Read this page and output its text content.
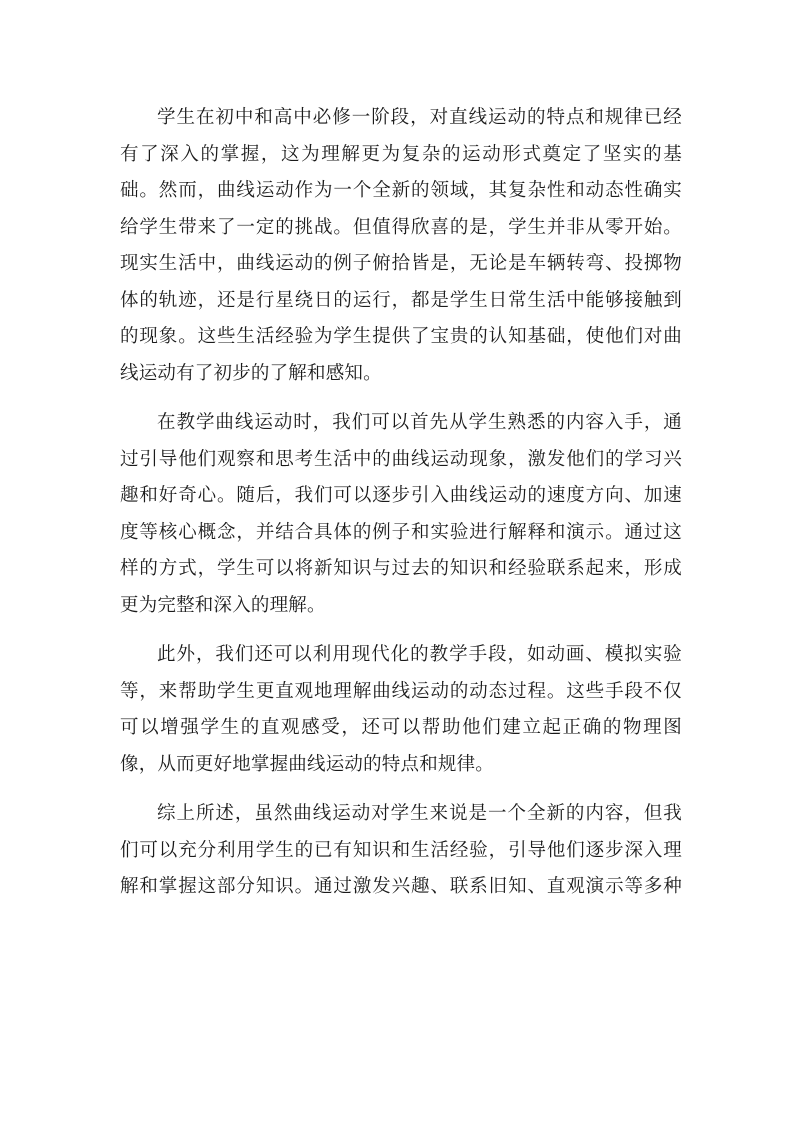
学生在初中和高中必修一阶段，对直线运动的特点和规律已经
有了深入的掌握，这为理解更为复杂的运动形式奠定了坚实的基
础。然而，曲线运动作为一个全新的领域，其复杂性和动态性确实
给学生带来了一定的挑战。但值得欣喜的是，学生并非从零开始。
现实生活中，曲线运动的例子俯拾皆是，无论是车辆转弯、投掷物
体的轨迹，还是行星绕日的运行，都是学生日常生活中能够接触到
的现象。这些生活经验为学生提供了宝贵的认知基础，使他们对曲
线运动有了初步的了解和感知。

在教学曲线运动时，我们可以首先从学生熟悉的内容入手，通
过引导他们观察和思考生活中的曲线运动现象，激发他们的学习兴
趣和好奇心。随后，我们可以逐步引入曲线运动的速度方向、加速
度等核心概念，并结合具体的例子和实验进行解释和演示。通过这
样的方式，学生可以将新知识与过去的知识和经验联系起来，形成
更为完整和深入的理解。

此外，我们还可以利用现代化的教学手段，如动画、模拟实验
等，来帮助学生更直观地理解曲线运动的动态过程。这些手段不仅
可以增强学生的直观感受，还可以帮助他们建立起正确的物理图
像，从而更好地掌握曲线运动的特点和规律。

综上所述，虽然曲线运动对学生来说是一个全新的内容，但我
们可以充分利用学生的已有知识和生活经验，引导他们逐步深入理
解和掌握这部分知识。通过激发兴趣、联系旧知、直观演示等多种
